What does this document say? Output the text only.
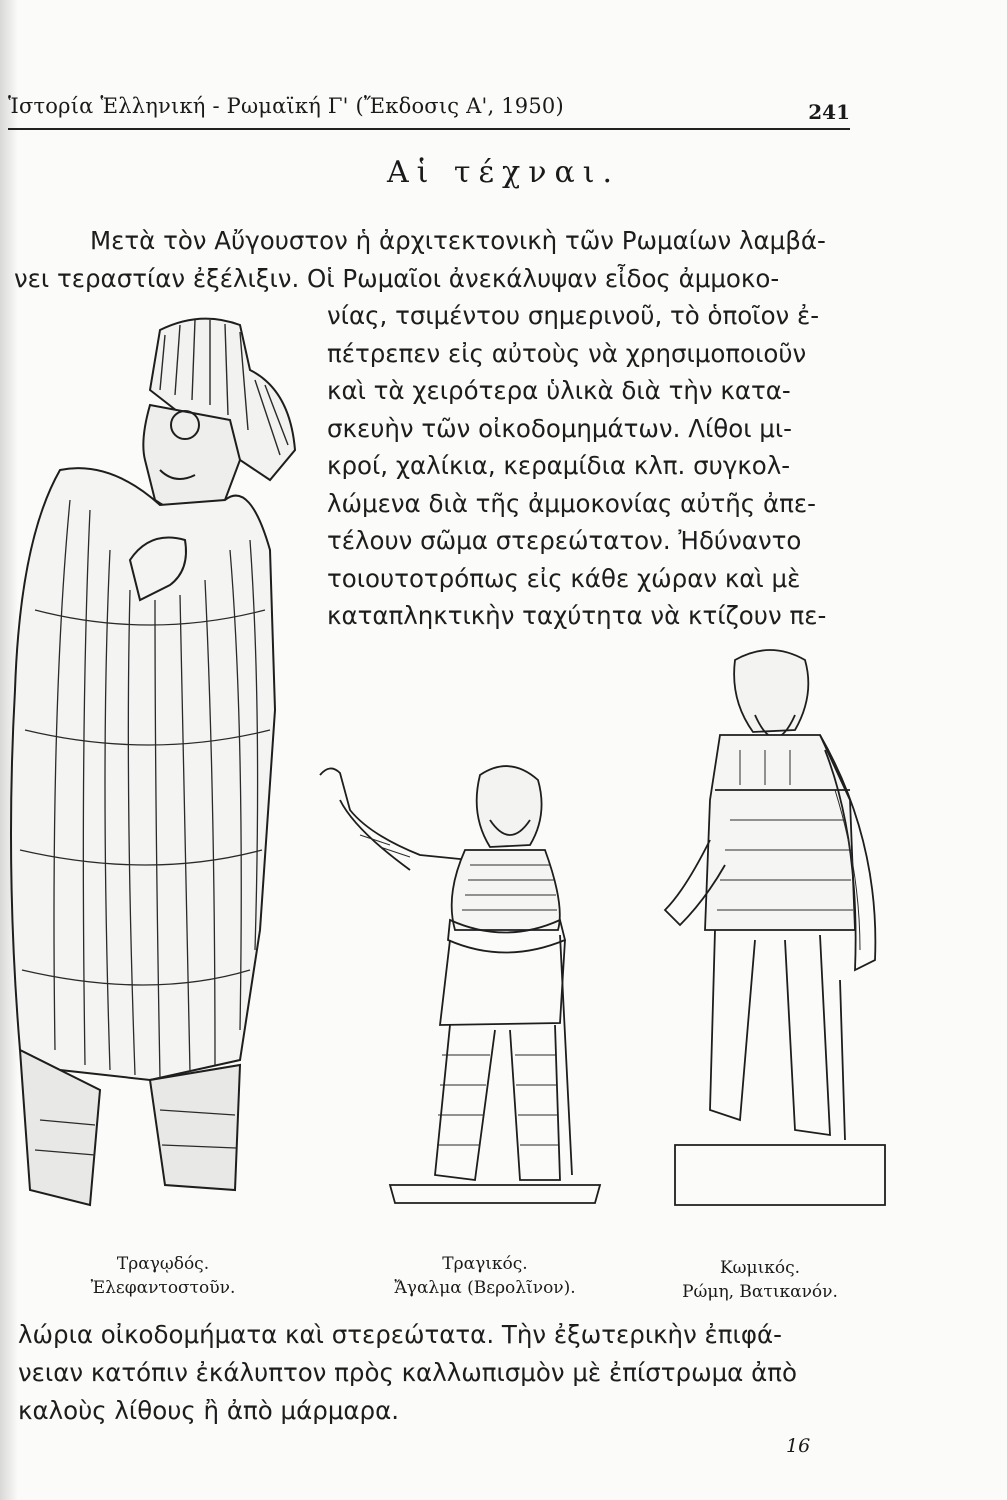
Ἱστορία Ἑλληνική - Ρωμαϊκή Γ' (Ἔκδοσις Α', 1950)	241
Αἱ τέχναι.
Μετὰ τὸν Αὔγουστον ἡ ἀρχιτεκτονικὴ τῶν Ρωμαίων λαμβά-
νει τεραστίαν ἐξέλιξιν. Οἱ Ρωμαῖοι ἀνεκάλυψαν εἶδος ἀμμοκο-
νίας, τσιμέντου σημερινοῦ, τὸ ὁποῖον ἐ-
πέτρεπεν εἰς αὐτοὺς νὰ χρησιμοποιοῦν
καὶ τὰ χειρότερα ὑλικὰ διὰ τὴν κατα-
σκευὴν τῶν οἰκοδομημάτων. Λίθοι μι-
κροί, χαλίκια, κεραμίδια κλπ. συγκολ-
λώμενα διὰ τῆς ἀμμοκονίας αὐτῆς ἀπε-
τέλουν σῶμα στερεώτατον. Ἠδύναντο
τοιουτοτρόπως εἰς κάθε χώραν καὶ μὲ
καταπληκτικὴν ταχύτητα νὰ κτίζουν πε-
Τραγῳδός.
Ἐλεφαντοστοῦν.
Τραγικός.
Ἄγαλμα (Βερολῖνον).
Κωμικός.
Ρώμη, Βατικανόν.
λώρια οἰκοδομήματα καὶ στερεώτατα. Τὴν ἐξωτερικὴν ἐπιφά-
νειαν κατόπιν ἐκάλυπτον πρὸς καλλωπισμὸν μὲ ἐπίστρωμα ἀπὸ
καλοὺς λίθους ἢ ἀπὸ μάρμαρα.
16
